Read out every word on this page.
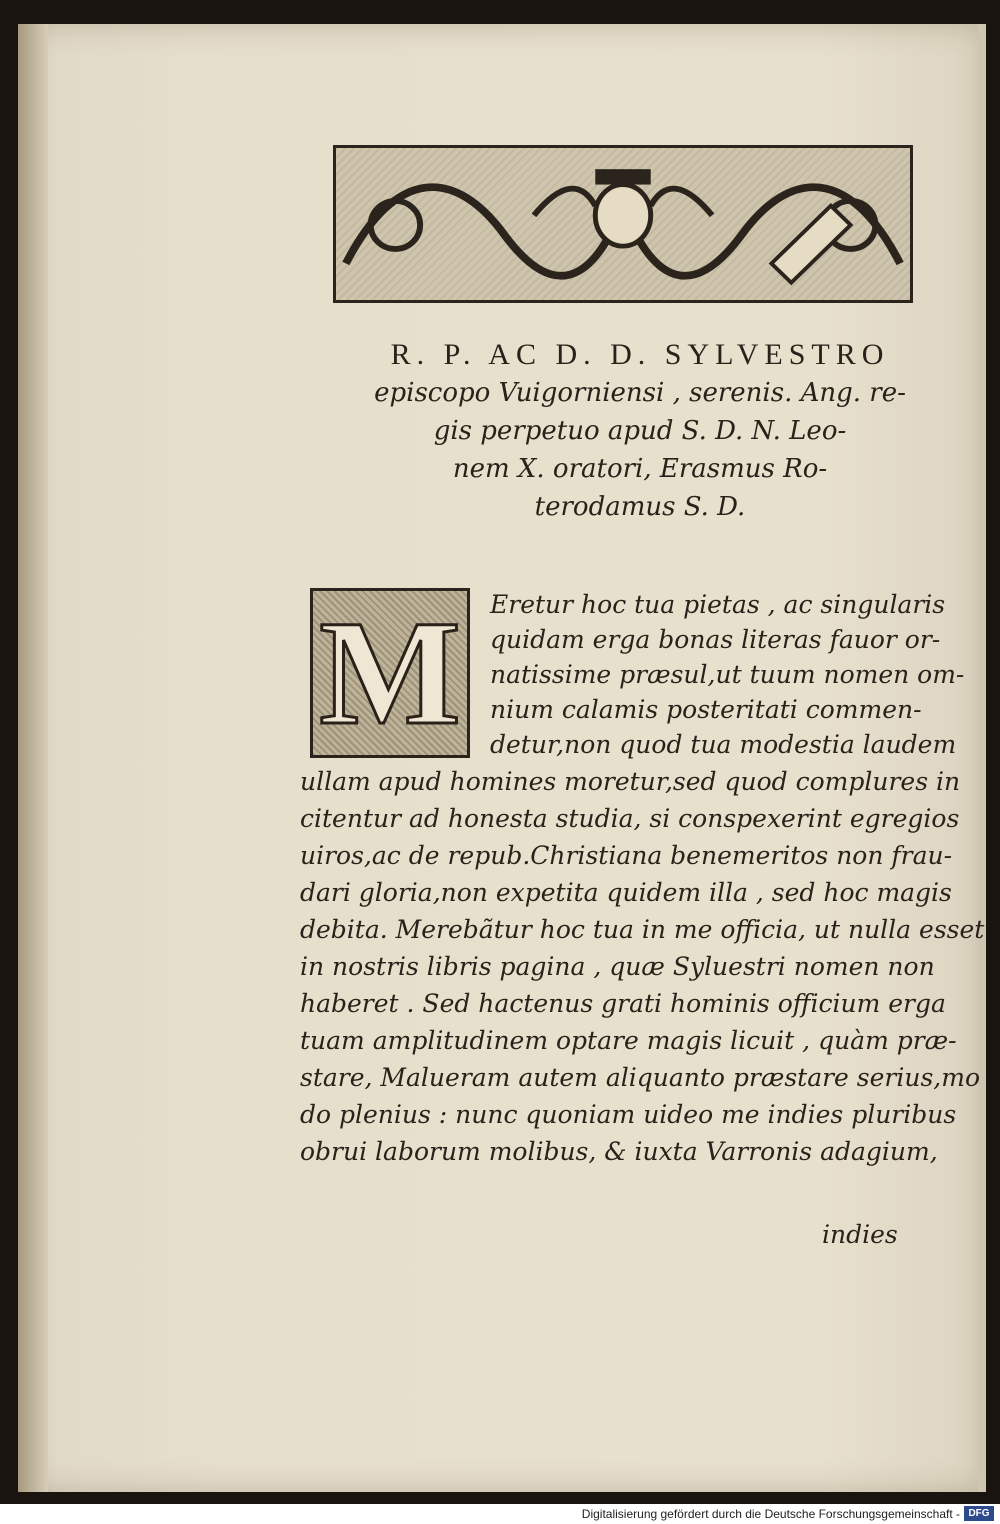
R. P. AC D. D. SYLVESTRO
episcopo Vuigorniensi , serenis. Ang. re-
gis perpetuo apud S. D. N. Leo-
nem X. oratori, Erasmus Ro-
terodamus S. D.
M Eretur hoc tua pietas , ac singularis
quidam erga bonas literas fauor or-
natissime præsul,ut tuum nomen om-
nium calamis posteritati commen-
detur,non quod tua modestia laudem
ullam apud homines moretur,sed quod complures in
citentur ad honesta studia, si conspexerint egregios
uiros,ac de repub.Christiana benemeritos non frau-
dari gloria,non expetita quidem illa , sed hoc magis
debita. Merebãtur hoc tua in me officia, ut nulla esset
in nostris libris pagina , quæ Syluestri nomen non
haberet . Sed hactenus grati hominis officium erga
tuam amplitudinem optare magis licuit , quàm præ-
stare, Malueram autem aliquanto præstare serius,mo
do plenius : nunc quoniam uideo me indies pluribus
obrui laborum molibus, & iuxta Varronis adagium,
indies
Digitalisierung gefördert durch die Deutsche Forschungsgemeinschaft - DFG
